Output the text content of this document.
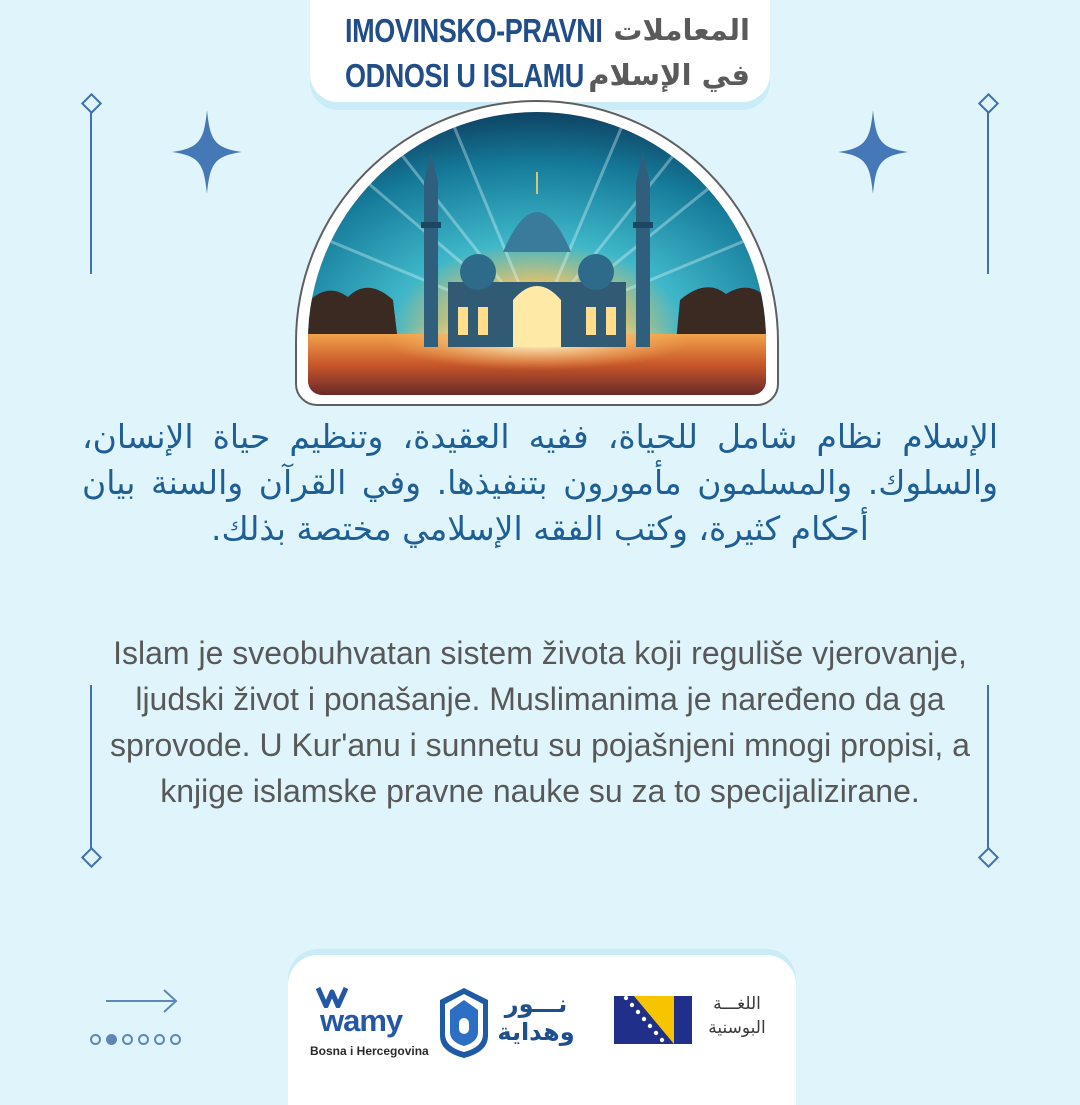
IMOVINSKO-PRAVNI
ODNOSI U ISLAMU
المعاملات
في الإسلام
الإسلام نظام شامل للحياة، ففيه العقيدة، وتنظيم حياة الإنسان، والسلوك. والمسلمون مأمورون بتنفيذها. وفي القرآن والسنة بيان أحكام كثيرة، وكتب الفقه الإسلامي مختصة بذلك.
Islam je sveobuhvatan sistem života koji reguliše vjerovanje, ljudski život i ponašanje. Muslimanima je naređeno da ga sprovode. U Kur'anu i sunnetu su pojašnjeni mnogi propisi, a knjige islamske pravne nauke su za to specijalizirane.
wamy
Bosna i Hercegovina
نـــور
وهداية
اللغـــة
البوسنية
